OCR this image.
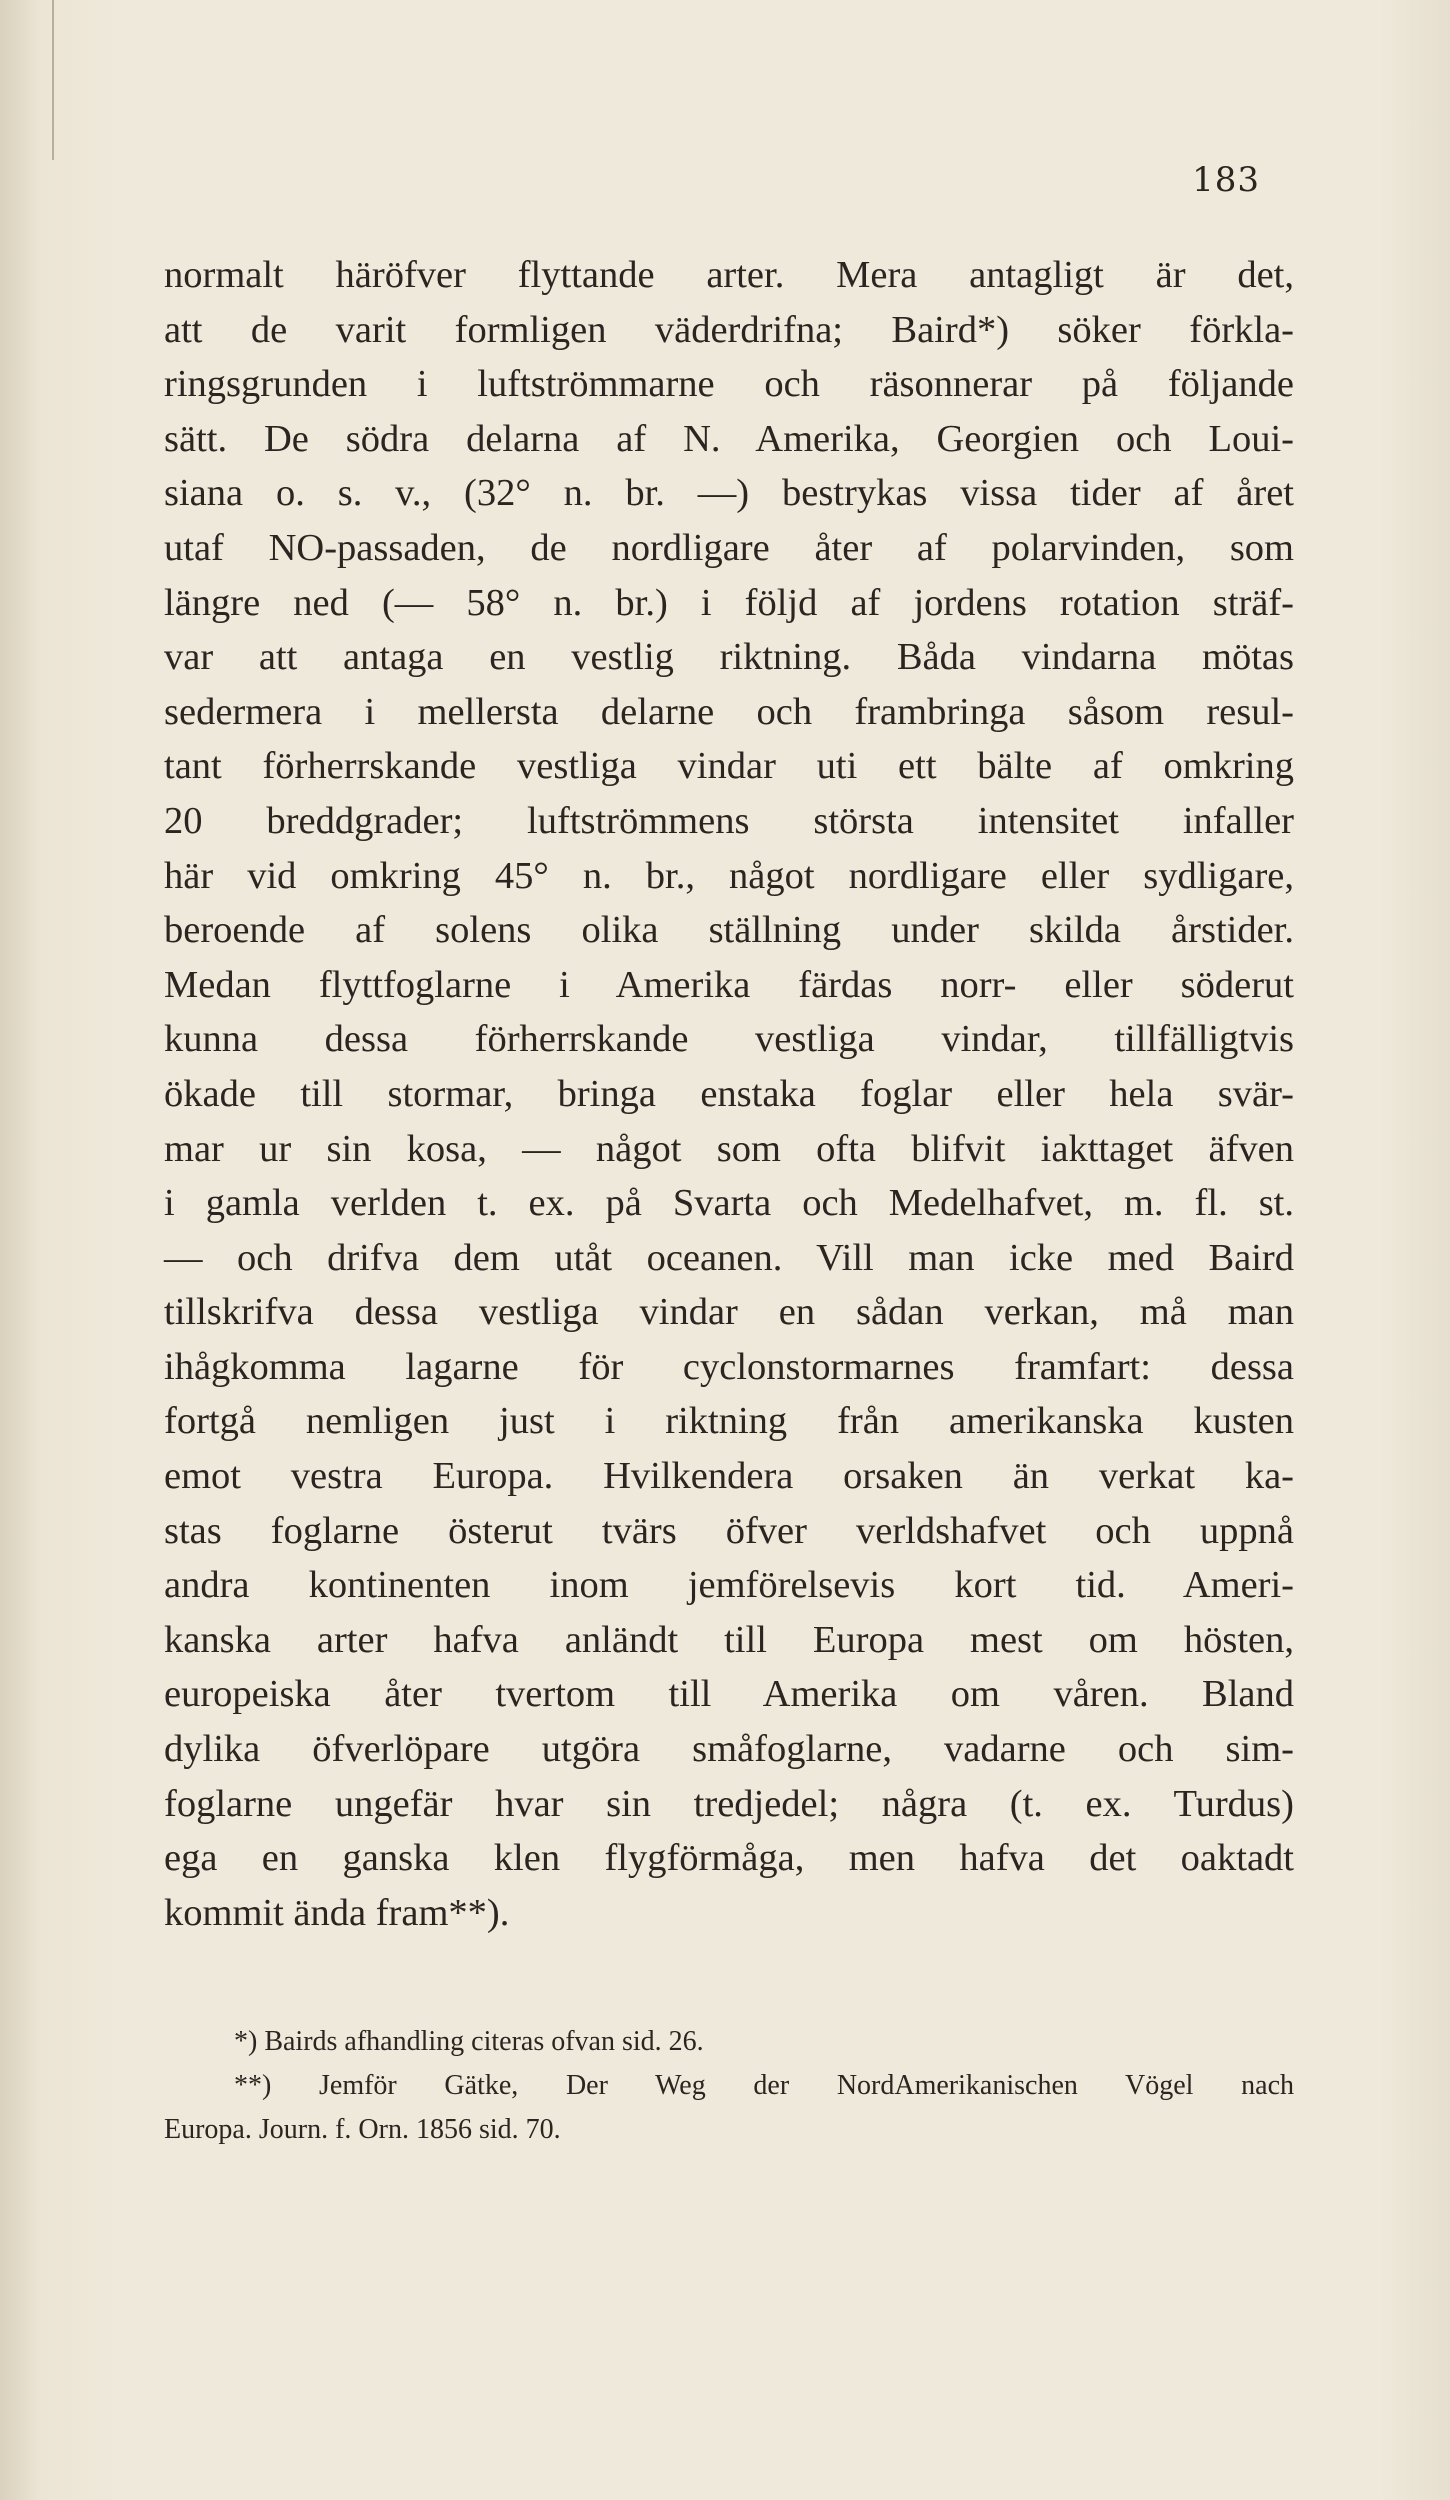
183
normalt häröfver flyttande arter. Mera antagligt är det,
att de varit formligen väderdrifna; Baird*) söker förkla-
ringsgrunden i luftströmmarne och räsonnerar på följande
sätt. De södra delarna af N. Amerika, Georgien och Loui-
siana o. s. v., (32° n. br. —) bestrykas vissa tider af året
utaf NO-passaden, de nordligare åter af polarvinden, som
längre ned (— 58° n. br.) i följd af jordens rotation sträf-
var att antaga en vestlig riktning. Båda vindarna mötas
sedermera i mellersta delarne och frambringa såsom resul-
tant förherrskande vestliga vindar uti ett bälte af omkring
20 breddgrader; luftströmmens största intensitet infaller
här vid omkring 45° n. br., något nordligare eller sydligare,
beroende af solens olika ställning under skilda årstider.
Medan flyttfoglarne i Amerika färdas norr- eller söderut
kunna dessa förherrskande vestliga vindar, tillfälligtvis
ökade till stormar, bringa enstaka foglar eller hela svär-
mar ur sin kosa, — något som ofta blifvit iakttaget äfven
i gamla verlden t. ex. på Svarta och Medelhafvet, m. fl. st.
— och drifva dem utåt oceanen. Vill man icke med Baird
tillskrifva dessa vestliga vindar en sådan verkan, må man
ihågkomma lagarne för cyclonstormarnes framfart: dessa
fortgå nemligen just i riktning från amerikanska kusten
emot vestra Europa. Hvilkendera orsaken än verkat ka-
stas foglarne österut tvärs öfver verldshafvet och uppnå
andra kontinenten inom jemförelsevis kort tid. Ameri-
kanska arter hafva anländt till Europa mest om hösten,
europeiska åter tvertom till Amerika om våren. Bland
dylika öfverlöpare utgöra småfoglarne, vadarne och sim-
foglarne ungefär hvar sin tredjedel; några (t. ex. Turdus)
ega en ganska klen flygförmåga, men hafva det oaktadt
kommit ända fram**).
*) Bairds afhandling citeras ofvan sid. 26.
**) Jemför Gätke, Der Weg der NordAmerikanischen Vögel nach
Europa. Journ. f. Orn. 1856 sid. 70.
